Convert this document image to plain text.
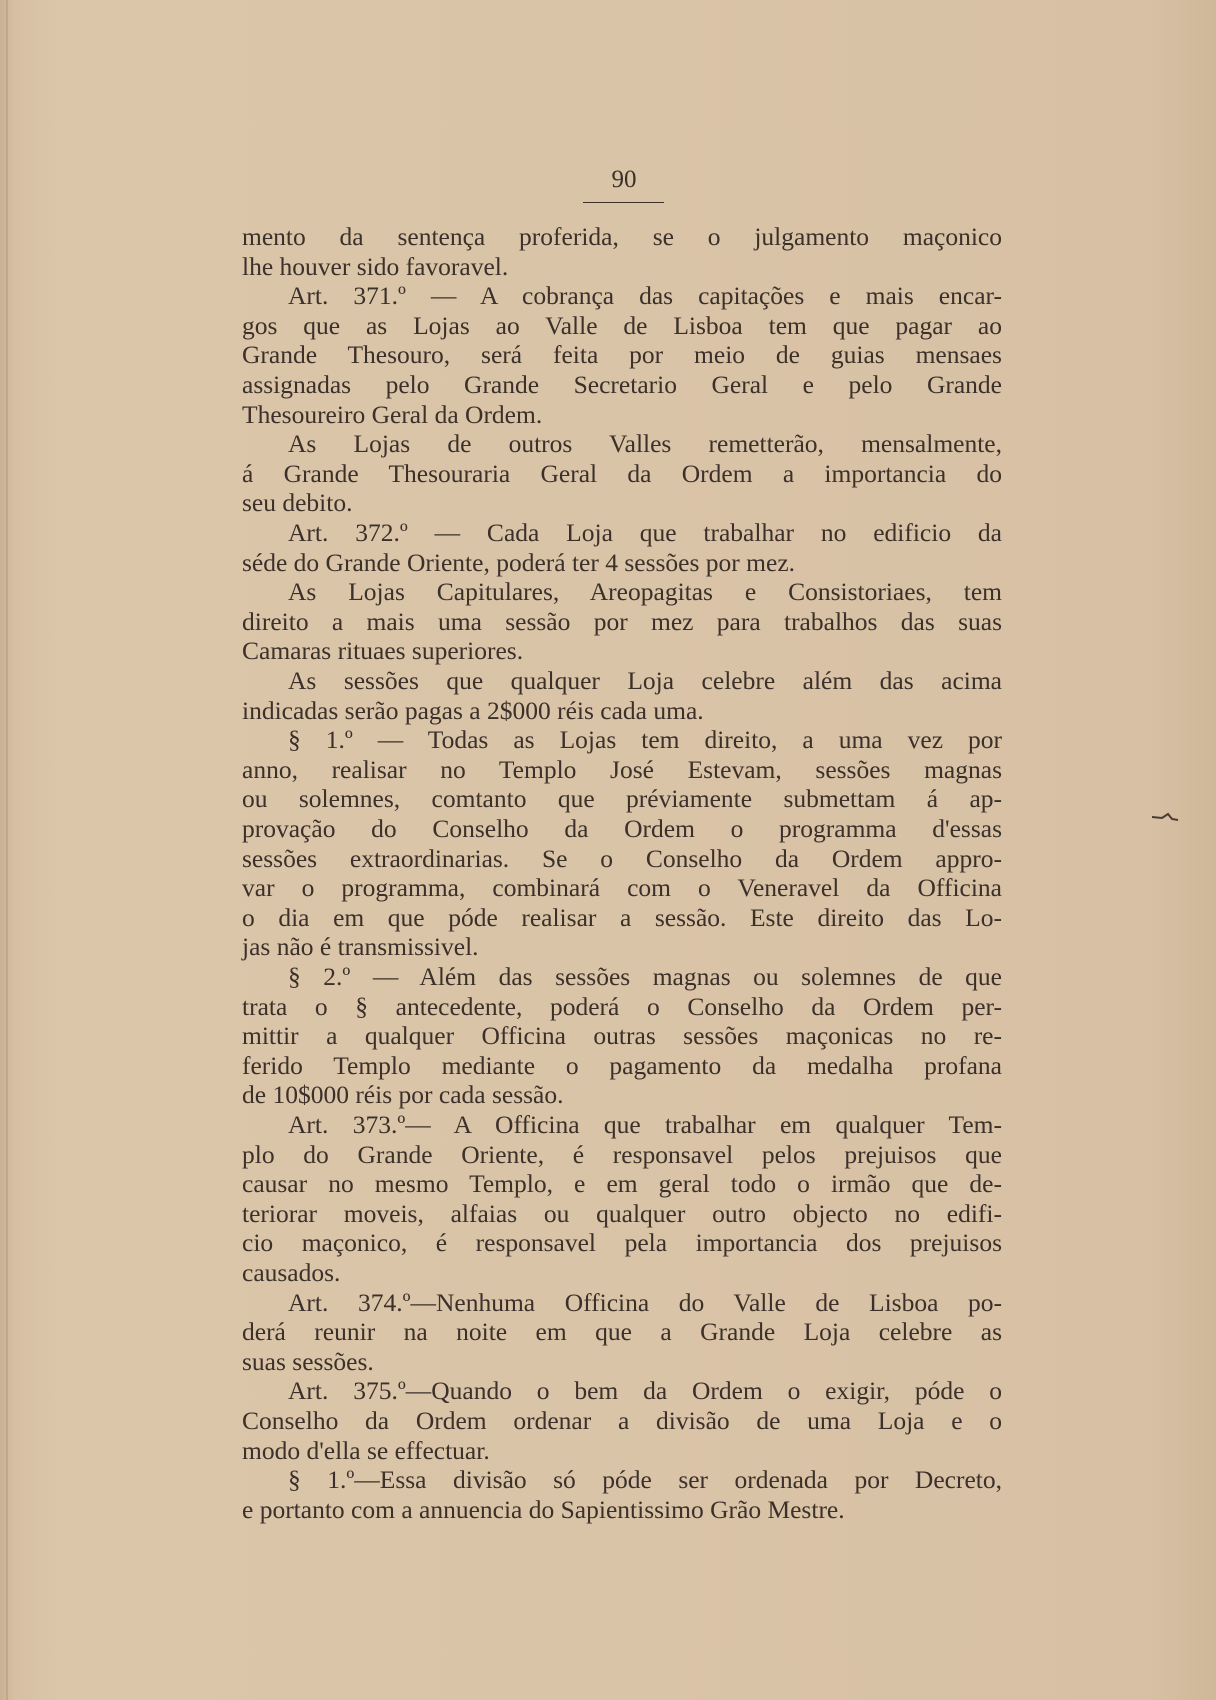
90
mento da sentença proferida, se o julgamento maçonico
lhe houver sido favoravel.
Art. 371.º — A cobrança das capitações e mais encar-
gos que as Lojas ao Valle de Lisboa tem que pagar ao
Grande Thesouro, será feita por meio de guias mensaes
assignadas pelo Grande Secretario Geral e pelo Grande
Thesoureiro Geral da Ordem.
As Lojas de outros Valles remetterão, mensalmente,
á Grande Thesouraria Geral da Ordem a importancia do
seu debito.
Art. 372.º — Cada Loja que trabalhar no edificio da
séde do Grande Oriente, poderá ter 4 sessões por mez.
As Lojas Capitulares, Areopagitas e Consistoriaes, tem
direito a mais uma sessão por mez para trabalhos das suas
Camaras rituaes superiores.
As sessões que qualquer Loja celebre além das acima
indicadas serão pagas a 2$000 réis cada uma.
§ 1.º — Todas as Lojas tem direito, a uma vez por
anno, realisar no Templo José Estevam, sessões magnas
ou solemnes, comtanto que préviamente submettam á ap-
provação do Conselho da Ordem o programma d'essas
sessões extraordinarias. Se o Conselho da Ordem appro-
var o programma, combinará com o Veneravel da Officina
o dia em que póde realisar a sessão. Este direito das Lo-
jas não é transmissivel.
§ 2.º — Além das sessões magnas ou solemnes de que
trata o § antecedente, poderá o Conselho da Ordem per-
mittir a qualquer Officina outras sessões maçonicas no re-
ferido Templo mediante o pagamento da medalha profana
de 10$000 réis por cada sessão.
Art. 373.º— A Officina que trabalhar em qualquer Tem-
plo do Grande Oriente, é responsavel pelos prejuisos que
causar no mesmo Templo, e em geral todo o irmão que de-
teriorar moveis, alfaias ou qualquer outro objecto no edifi-
cio maçonico, é responsavel pela importancia dos prejuisos
causados.
Art. 374.º—Nenhuma Officina do Valle de Lisboa po-
derá reunir na noite em que a Grande Loja celebre as
suas sessões.
Art. 375.º—Quando o bem da Ordem o exigir, póde o
Conselho da Ordem ordenar a divisão de uma Loja e o
modo d'ella se effectuar.
§ 1.º—Essa divisão só póde ser ordenada por Decreto,
e portanto com a annuencia do Sapientissimo Grão Mestre.
